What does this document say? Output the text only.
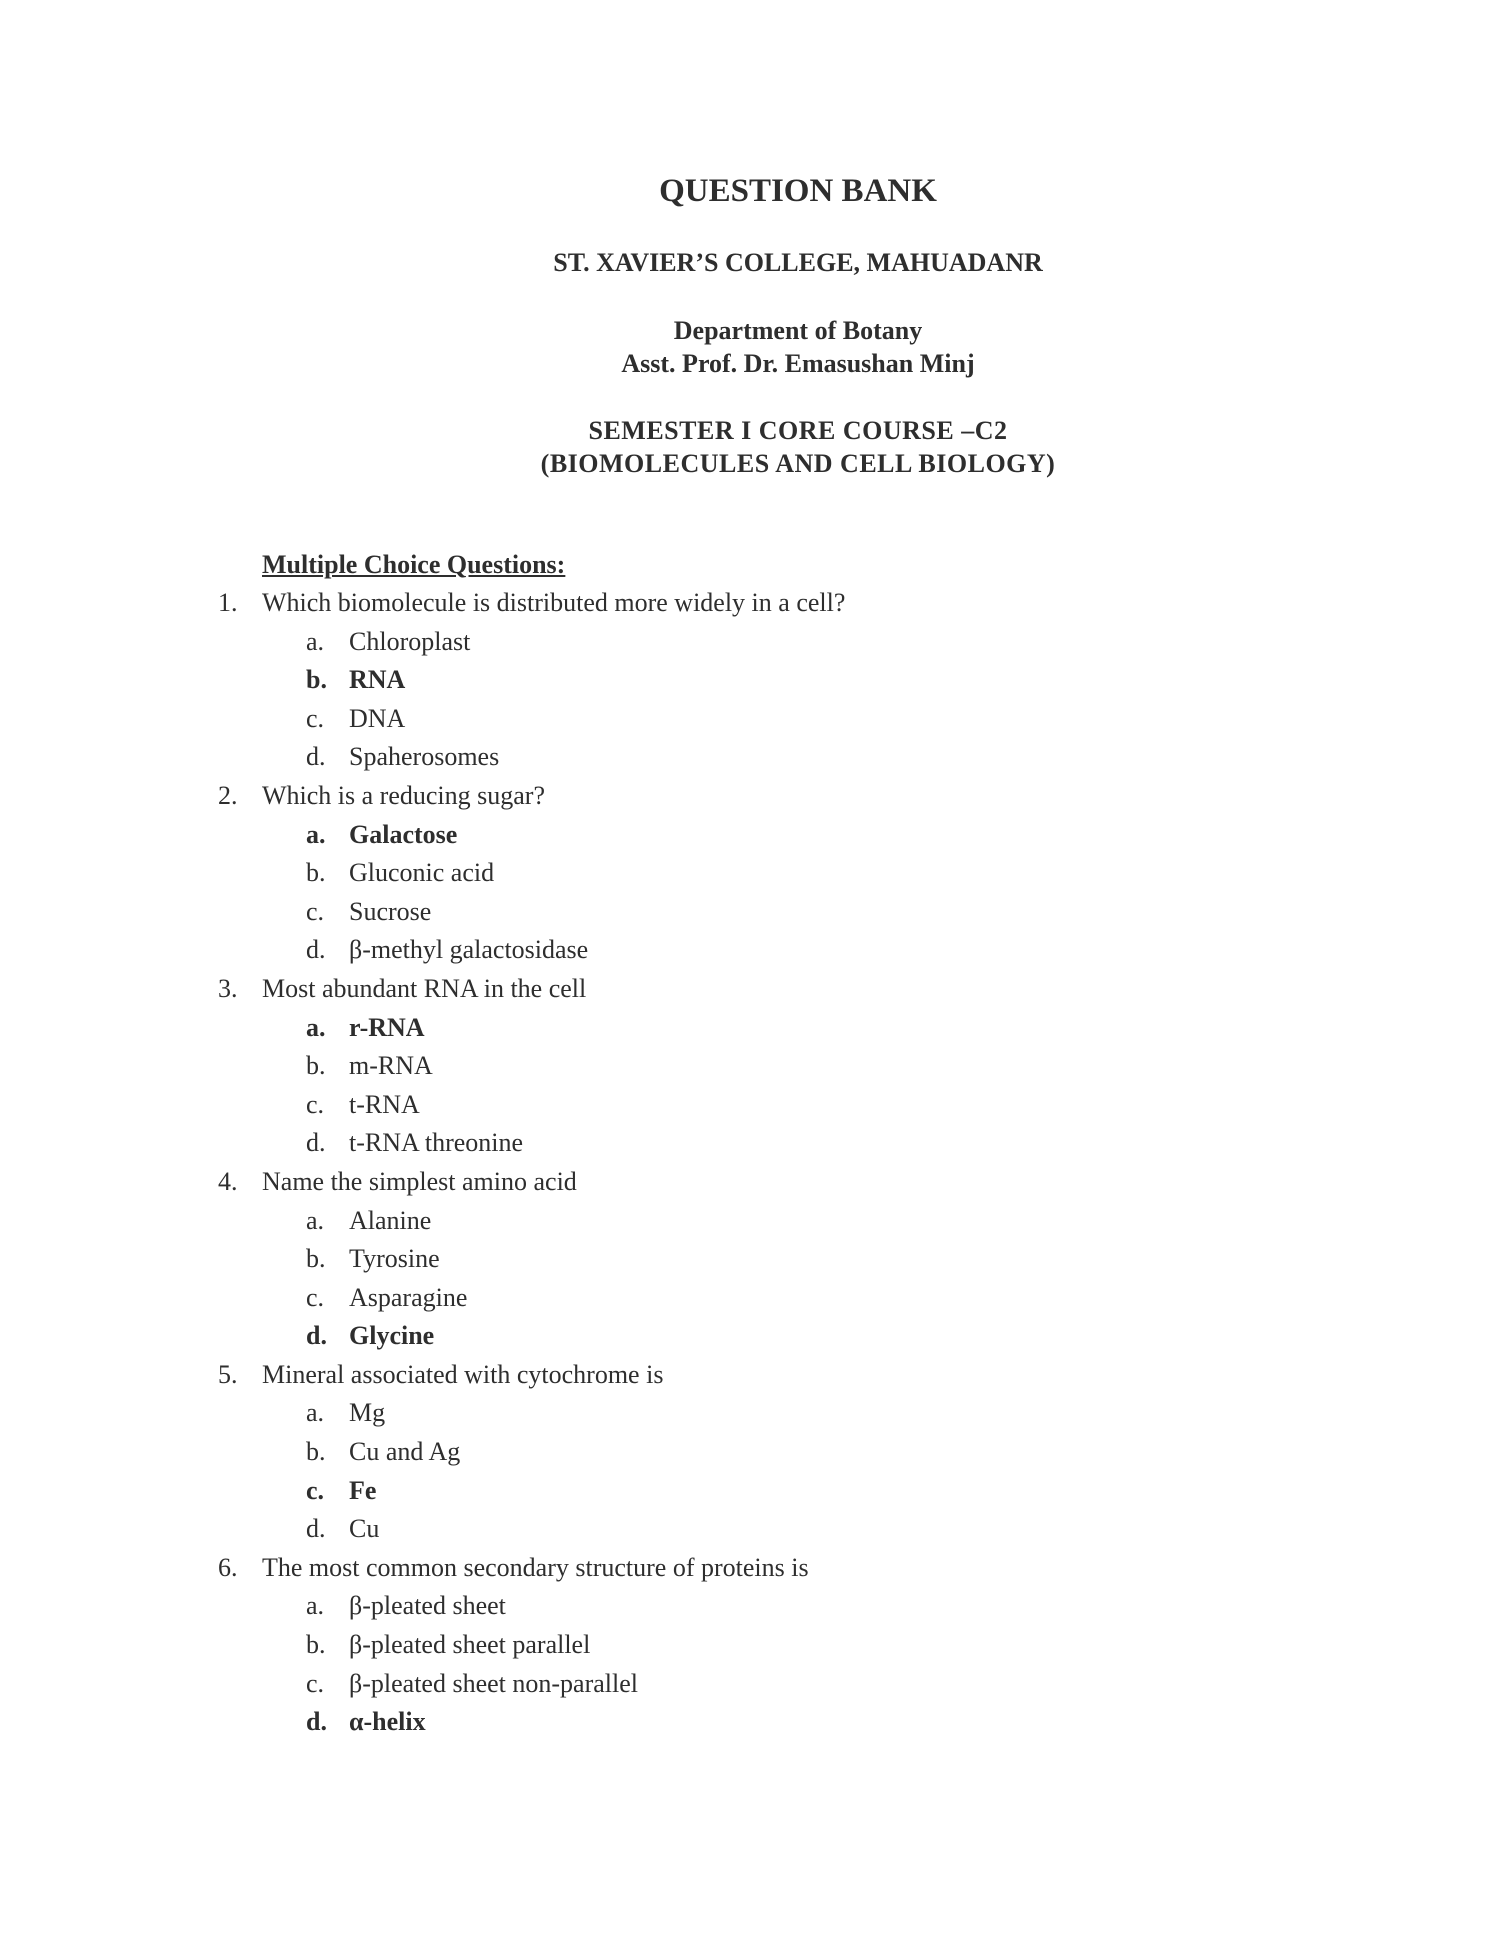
QUESTION BANK
ST. XAVIER’S COLLEGE, MAHUADANR
Department of Botany
Asst. Prof. Dr. Emasushan Minj
SEMESTER I CORE COURSE –C2
(BIOMOLECULES AND CELL BIOLOGY)
Multiple Choice Questions:
1. Which biomolecule is distributed more widely in a cell?
a. Chloroplast
b. RNA
c. DNA
d. Spaherosomes
2. Which is a reducing sugar?
a. Galactose
b. Gluconic acid
c. Sucrose
d. β-methyl galactosidase
3. Most abundant RNA in the cell
a. r-RNA
b. m-RNA
c. t-RNA
d. t-RNA threonine
4. Name the simplest amino acid
a. Alanine
b. Tyrosine
c. Asparagine
d. Glycine
5. Mineral associated with cytochrome is
a. Mg
b. Cu and Ag
c. Fe
d. Cu
6. The most common secondary structure of proteins is
a. β-pleated sheet
b. β-pleated sheet parallel
c. β-pleated sheet non-parallel
d. α-helix
